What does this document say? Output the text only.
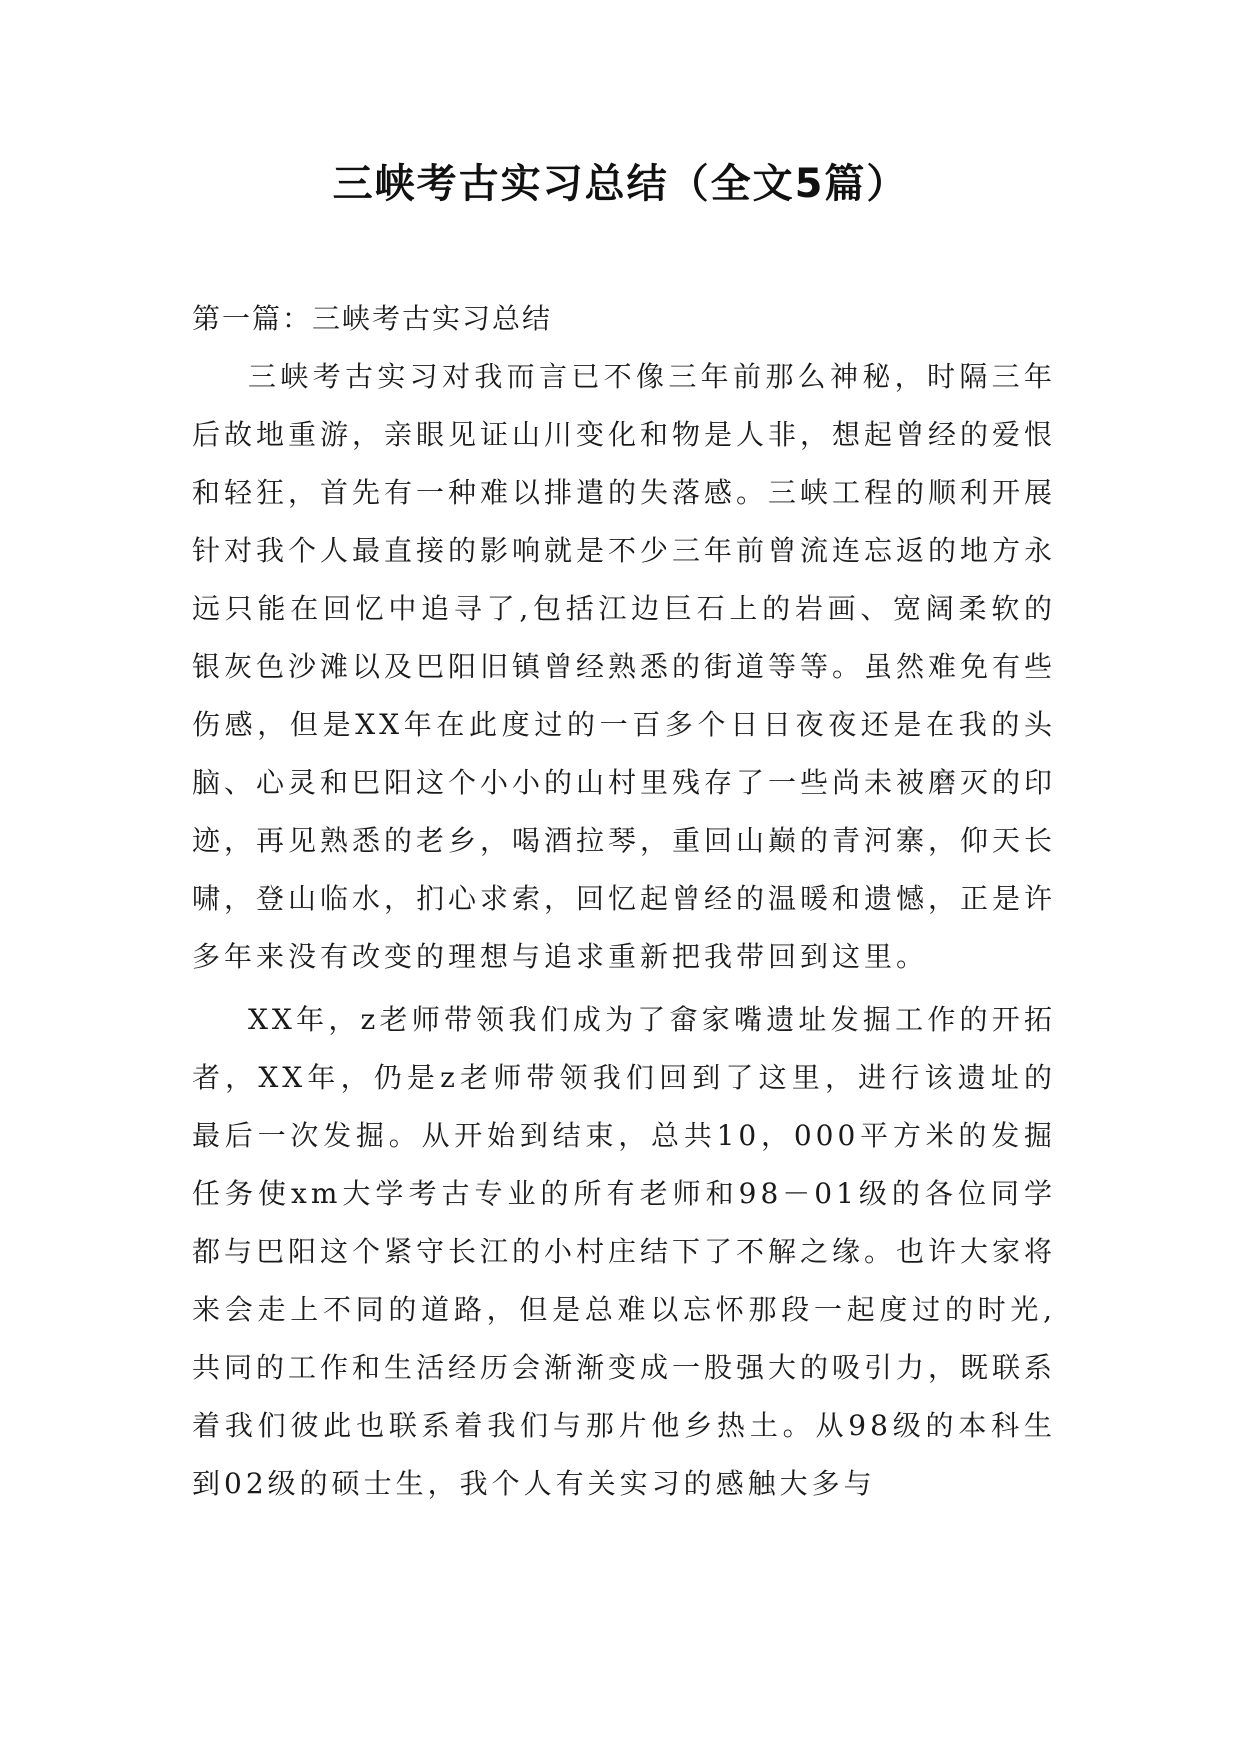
三峡考古实习总结（全文5篇）

第一篇：三峡考古实习总结

三峡考古实习对我而言已不像三年前那么神秘，时隔三年后故地重游，亲眼见证山川变化和物是人非，想起曾经的爱恨和轻狂，首先有一种难以排遣的失落感。三峡工程的顺利开展针对我个人最直接的影响就是不少三年前曾流连忘返的地方永远只能在回忆中追寻了,包括江边巨石上的岩画、宽阔柔软的银灰色沙滩以及巴阳旧镇曾经熟悉的街道等等。虽然难免有些伤感，但是XX年在此度过的一百多个日日夜夜还是在我的头脑、心灵和巴阳这个小小的山村里残存了一些尚未被磨灭的印迹，再见熟悉的老乡，喝酒拉琴，重回山巅的青河寨，仰天长啸，登山临水，扪心求索，回忆起曾经的温暖和遗憾，正是许多年来没有改变的理想与追求重新把我带回到这里。

XX年，z老师带领我们成为了畲家嘴遗址发掘工作的开拓者，XX年，仍是z老师带领我们回到了这里，进行该遗址的最后一次发掘。从开始到结束，总共10，000平方米的发掘任务使xm大学考古专业的所有老师和98－01级的各位同学都与巴阳这个紧守长江的小村庄结下了不解之缘。也许大家将来会走上不同的道路，但是总难以忘怀那段一起度过的时光,共同的工作和生活经历会渐渐变成一股强大的吸引力，既联系着我们彼此也联系着我们与那片他乡热土。从98级的本科生到02级的硕士生，我个人有关实习的感触大多与
